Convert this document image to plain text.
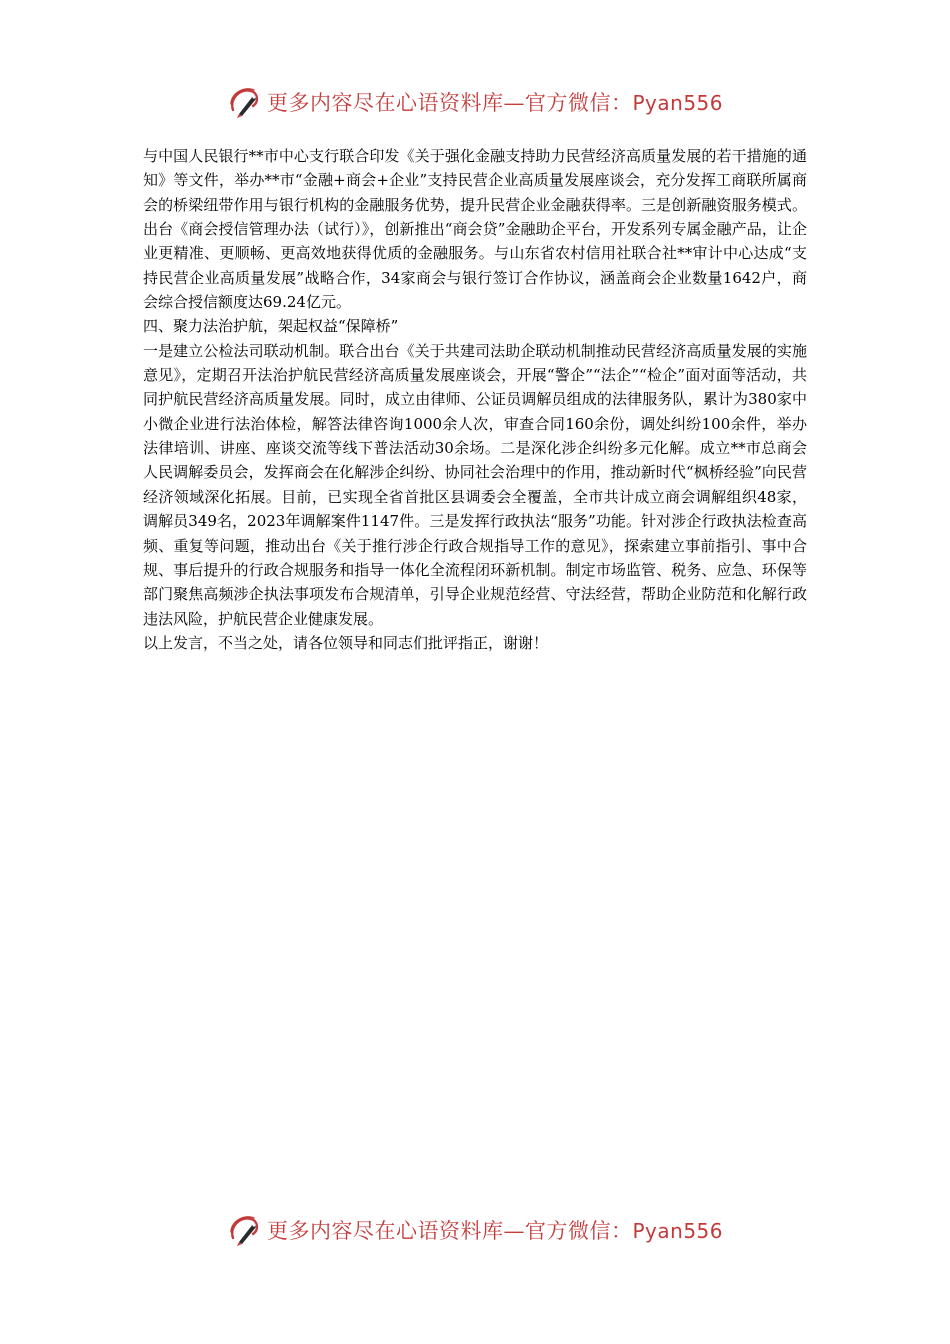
更多内容尽在心语资料库—官方微信：Pyan556

与中国人民银行**市中心支行联合印发《关于强化金融支持助力民营经济高质量发展的若干措施的通知》等文件，举办**市“金融+商会+企业”支持民营企业高质量发展座谈会，充分发挥工商联所属商会的桥梁纽带作用与银行机构的金融服务优势，提升民营企业金融获得率。三是创新融资服务模式。出台《商会授信管理办法（试行）》，创新推出“商会贷”金融助企平台，开发系列专属金融产品，让企业更精准、更顺畅、更高效地获得优质的金融服务。与山东省农村信用社联合社**审计中心达成“支持民营企业高质量发展”战略合作，34家商会与银行签订合作协议，涵盖商会企业数量1642户，商会综合授信额度达69.24亿元。

四、聚力法治护航，架起权益“保障桥”

一是建立公检法司联动机制。联合出台《关于共建司法助企联动机制推动民营经济高质量发展的实施意见》，定期召开法治护航民营经济高质量发展座谈会，开展“警企”“法企”“检企”面对面等活动，共同护航民营经济高质量发展。同时，成立由律师、公证员调解员组成的法律服务队，累计为380家中小微企业进行法治体检，解答法律咨询1000余人次，审查合同160余份，调处纠纷100余件，举办法律培训、讲座、座谈交流等线下普法活动30余场。二是深化涉企纠纷多元化解。成立**市总商会人民调解委员会，发挥商会在化解涉企纠纷、协同社会治理中的作用，推动新时代“枫桥经验”向民营经济领域深化拓展。目前，已实现全省首批区县调委会全覆盖，全市共计成立商会调解组织48家，调解员349名，2023年调解案件1147件。三是发挥行政执法“服务”功能。针对涉企行政执法检查高频、重复等问题，推动出台《关于推行涉企行政合规指导工作的意见》，探索建立事前指引、事中合规、事后提升的行政合规服务和指导一体化全流程闭环新机制。制定市场监管、税务、应急、环保等部门聚焦高频涉企执法事项发布合规清单，引导企业规范经营、守法经营，帮助企业防范和化解行政违法风险，护航民营企业健康发展。

以上发言，不当之处，请各位领导和同志们批评指正，谢谢！

更多内容尽在心语资料库—官方微信：Pyan556
